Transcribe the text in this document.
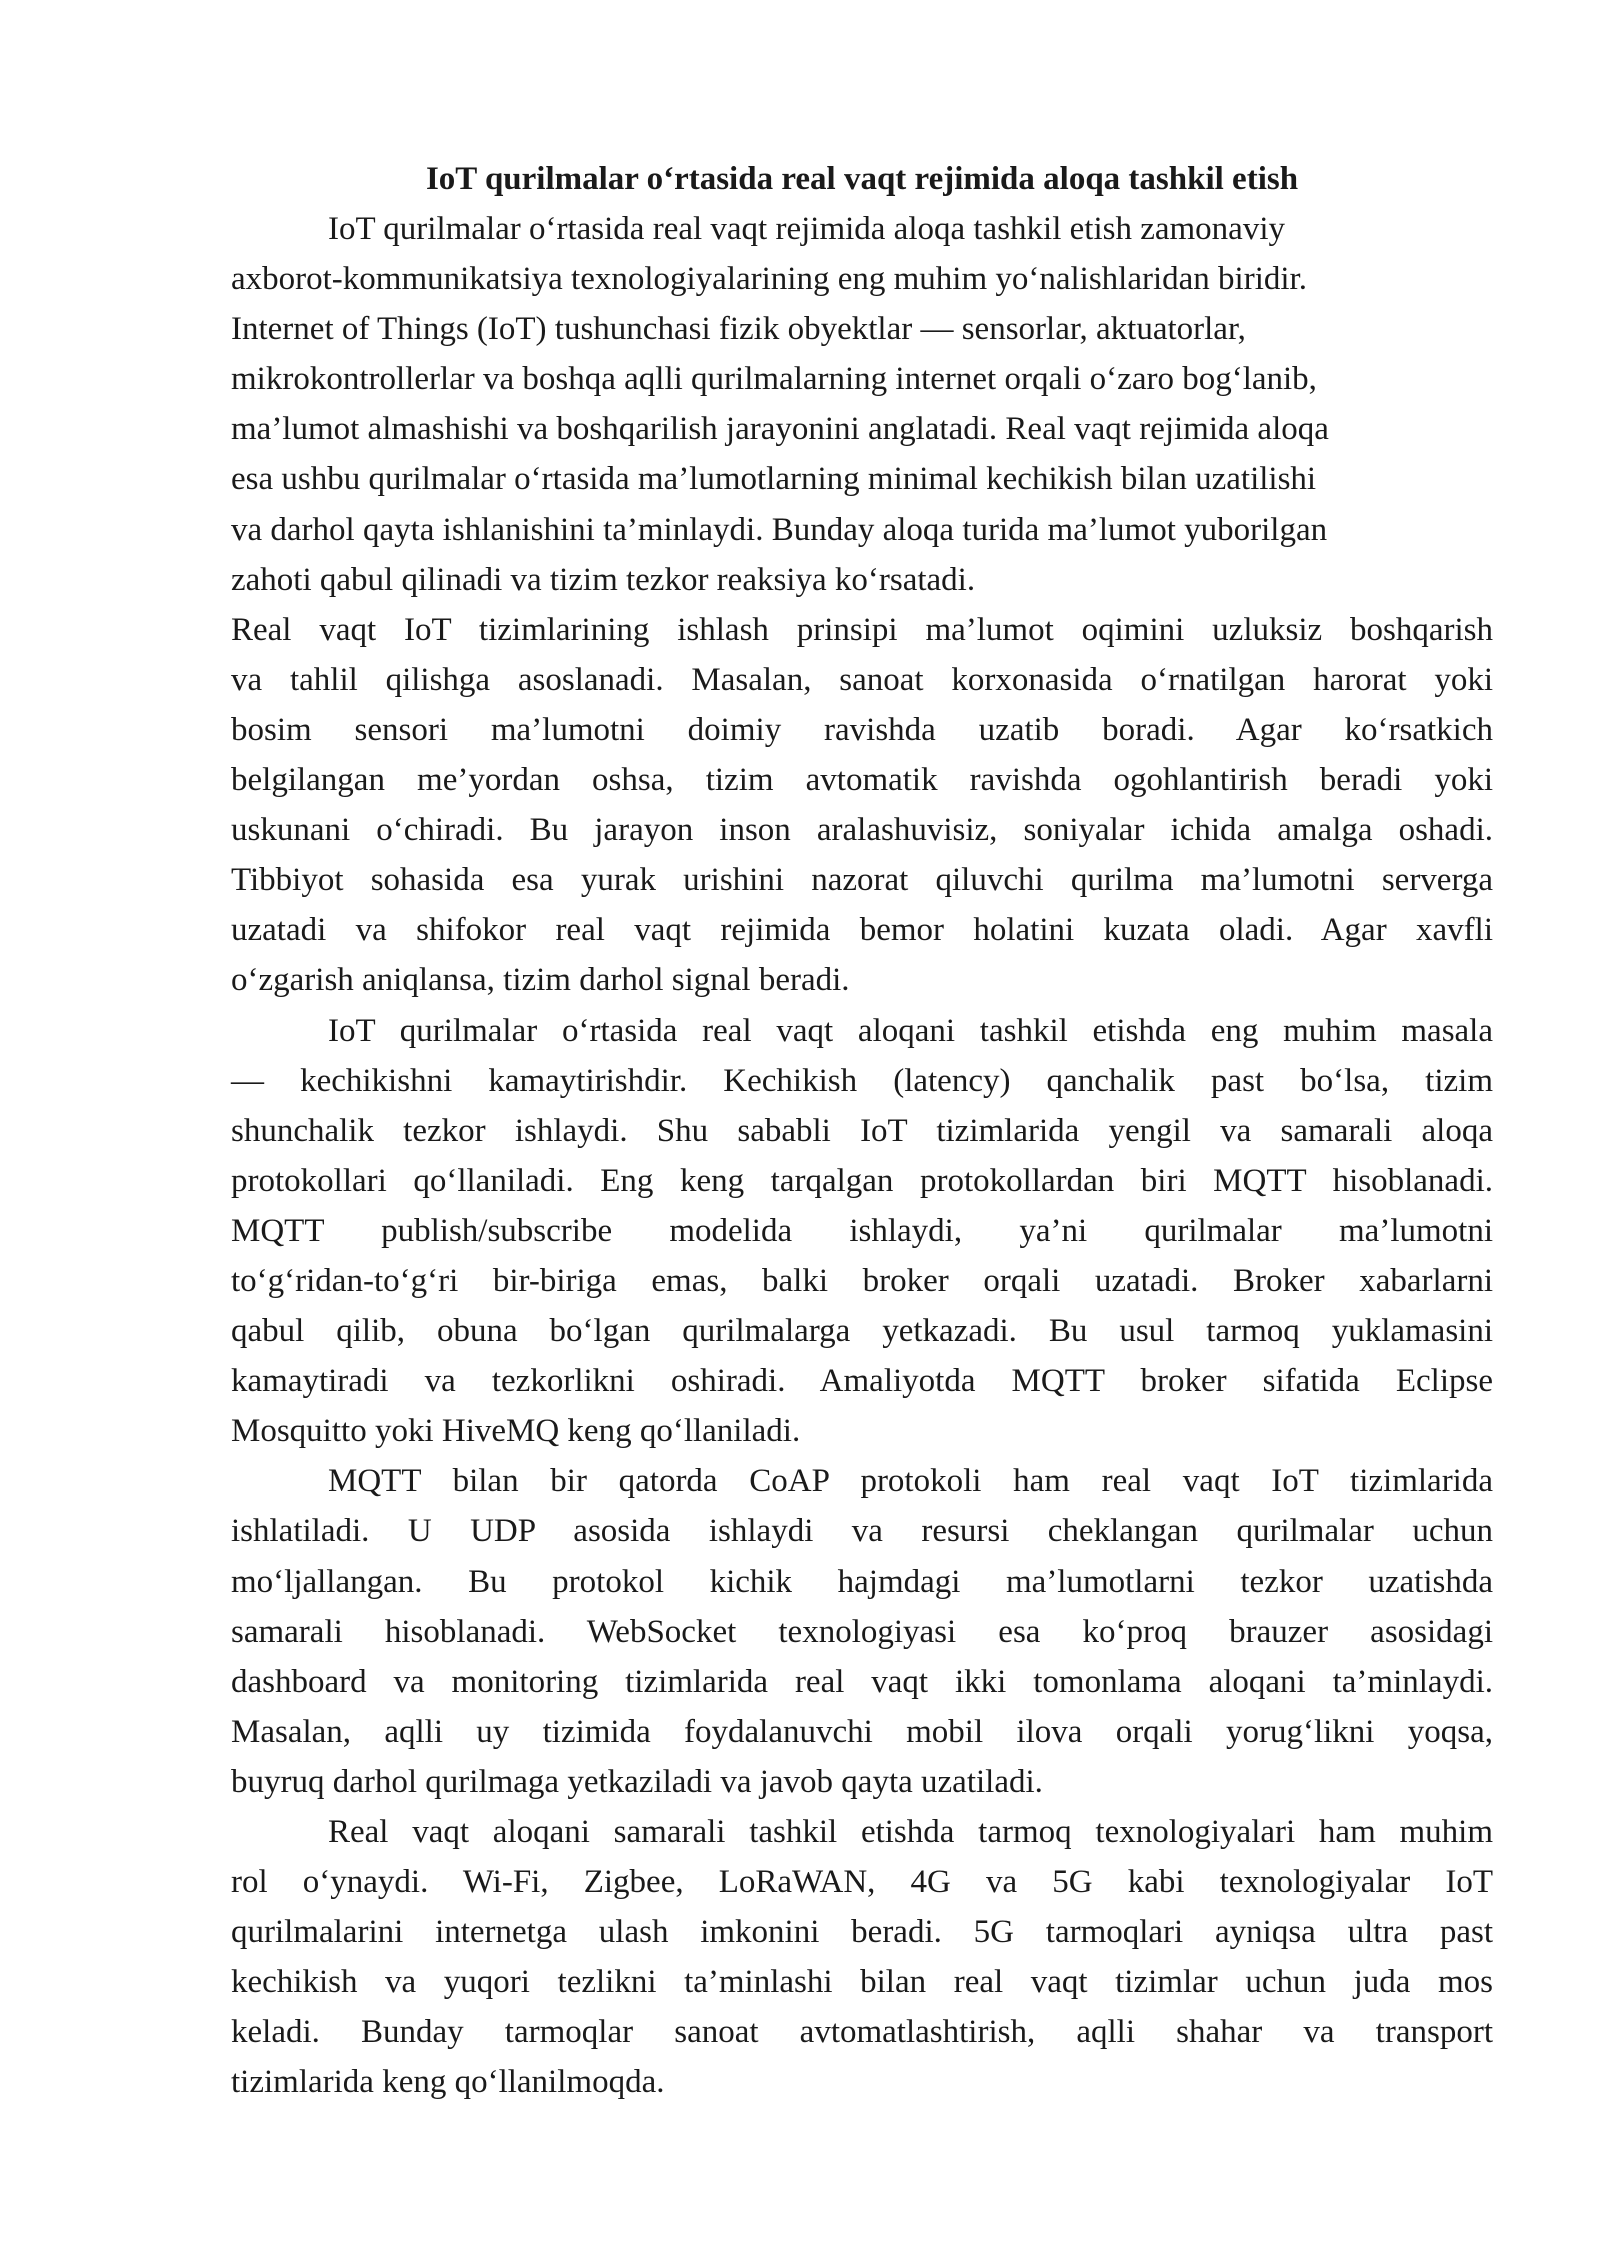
IoT qurilmalar o‘rtasida real vaqt rejimida aloqa tashkil etish
IoT qurilmalar o‘rtasida real vaqt rejimida aloqa tashkil etish zamonaviy
axborot-kommunikatsiya texnologiyalarining eng muhim yo‘nalishlaridan biridir.
Internet of Things (IoT) tushunchasi fizik obyektlar — sensorlar, aktuatorlar,
mikrokontrollerlar va boshqa aqlli qurilmalarning internet orqali o‘zaro bog‘lanib,
ma’lumot almashishi va boshqarilish jarayonini anglatadi. Real vaqt rejimida aloqa
esa ushbu qurilmalar o‘rtasida ma’lumotlarning minimal kechikish bilan uzatilishi
va darhol qayta ishlanishini ta’minlaydi. Bunday aloqa turida ma’lumot yuborilgan
zahoti qabul qilinadi va tizim tezkor reaksiya ko‘rsatadi.
Real vaqt IoT tizimlarining ishlash prinsipi ma’lumot oqimini uzluksiz boshqarish
va tahlil qilishga asoslanadi. Masalan, sanoat korxonasida o‘rnatilgan harorat yoki
bosim sensori ma’lumotni doimiy ravishda uzatib boradi. Agar ko‘rsatkich
belgilangan me’yordan oshsa, tizim avtomatik ravishda ogohlantirish beradi yoki
uskunani o‘chiradi. Bu jarayon inson aralashuvisiz, soniyalar ichida amalga oshadi.
Tibbiyot sohasida esa yurak urishini nazorat qiluvchi qurilma ma’lumotni serverga
uzatadi va shifokor real vaqt rejimida bemor holatini kuzata oladi. Agar xavfli
o‘zgarish aniqlansa, tizim darhol signal beradi.
IoT qurilmalar o‘rtasida real vaqt aloqani tashkil etishda eng muhim masala
— kechikishni kamaytirishdir. Kechikish (latency) qanchalik past bo‘lsa, tizim
shunchalik tezkor ishlaydi. Shu sababli IoT tizimlarida yengil va samarali aloqa
protokollari qo‘llaniladi. Eng keng tarqalgan protokollardan biri MQTT hisoblanadi.
MQTT publish/subscribe modelida ishlaydi, ya’ni qurilmalar ma’lumotni
to‘g‘ridan-to‘g‘ri bir-biriga emas, balki broker orqali uzatadi. Broker xabarlarni
qabul qilib, obuna bo‘lgan qurilmalarga yetkazadi. Bu usul tarmoq yuklamasini
kamaytiradi va tezkorlikni oshiradi. Amaliyotda MQTT broker sifatida Eclipse
Mosquitto yoki HiveMQ keng qo‘llaniladi.
MQTT bilan bir qatorda CoAP protokoli ham real vaqt IoT tizimlarida
ishlatiladi. U UDP asosida ishlaydi va resursi cheklangan qurilmalar uchun
mo‘ljallangan. Bu protokol kichik hajmdagi ma’lumotlarni tezkor uzatishda
samarali hisoblanadi. WebSocket texnologiyasi esa ko‘proq brauzer asosidagi
dashboard va monitoring tizimlarida real vaqt ikki tomonlama aloqani ta’minlaydi.
Masalan, aqlli uy tizimida foydalanuvchi mobil ilova orqali yorug‘likni yoqsa,
buyruq darhol qurilmaga yetkaziladi va javob qayta uzatiladi.
Real vaqt aloqani samarali tashkil etishda tarmoq texnologiyalari ham muhim
rol o‘ynaydi. Wi-Fi, Zigbee, LoRaWAN, 4G va 5G kabi texnologiyalar IoT
qurilmalarini internetga ulash imkonini beradi. 5G tarmoqlari ayniqsa ultra past
kechikish va yuqori tezlikni ta’minlashi bilan real vaqt tizimlar uchun juda mos
keladi. Bunday tarmoqlar sanoat avtomatlashtirish, aqlli shahar va transport
tizimlarida keng qo‘llanilmoqda.
